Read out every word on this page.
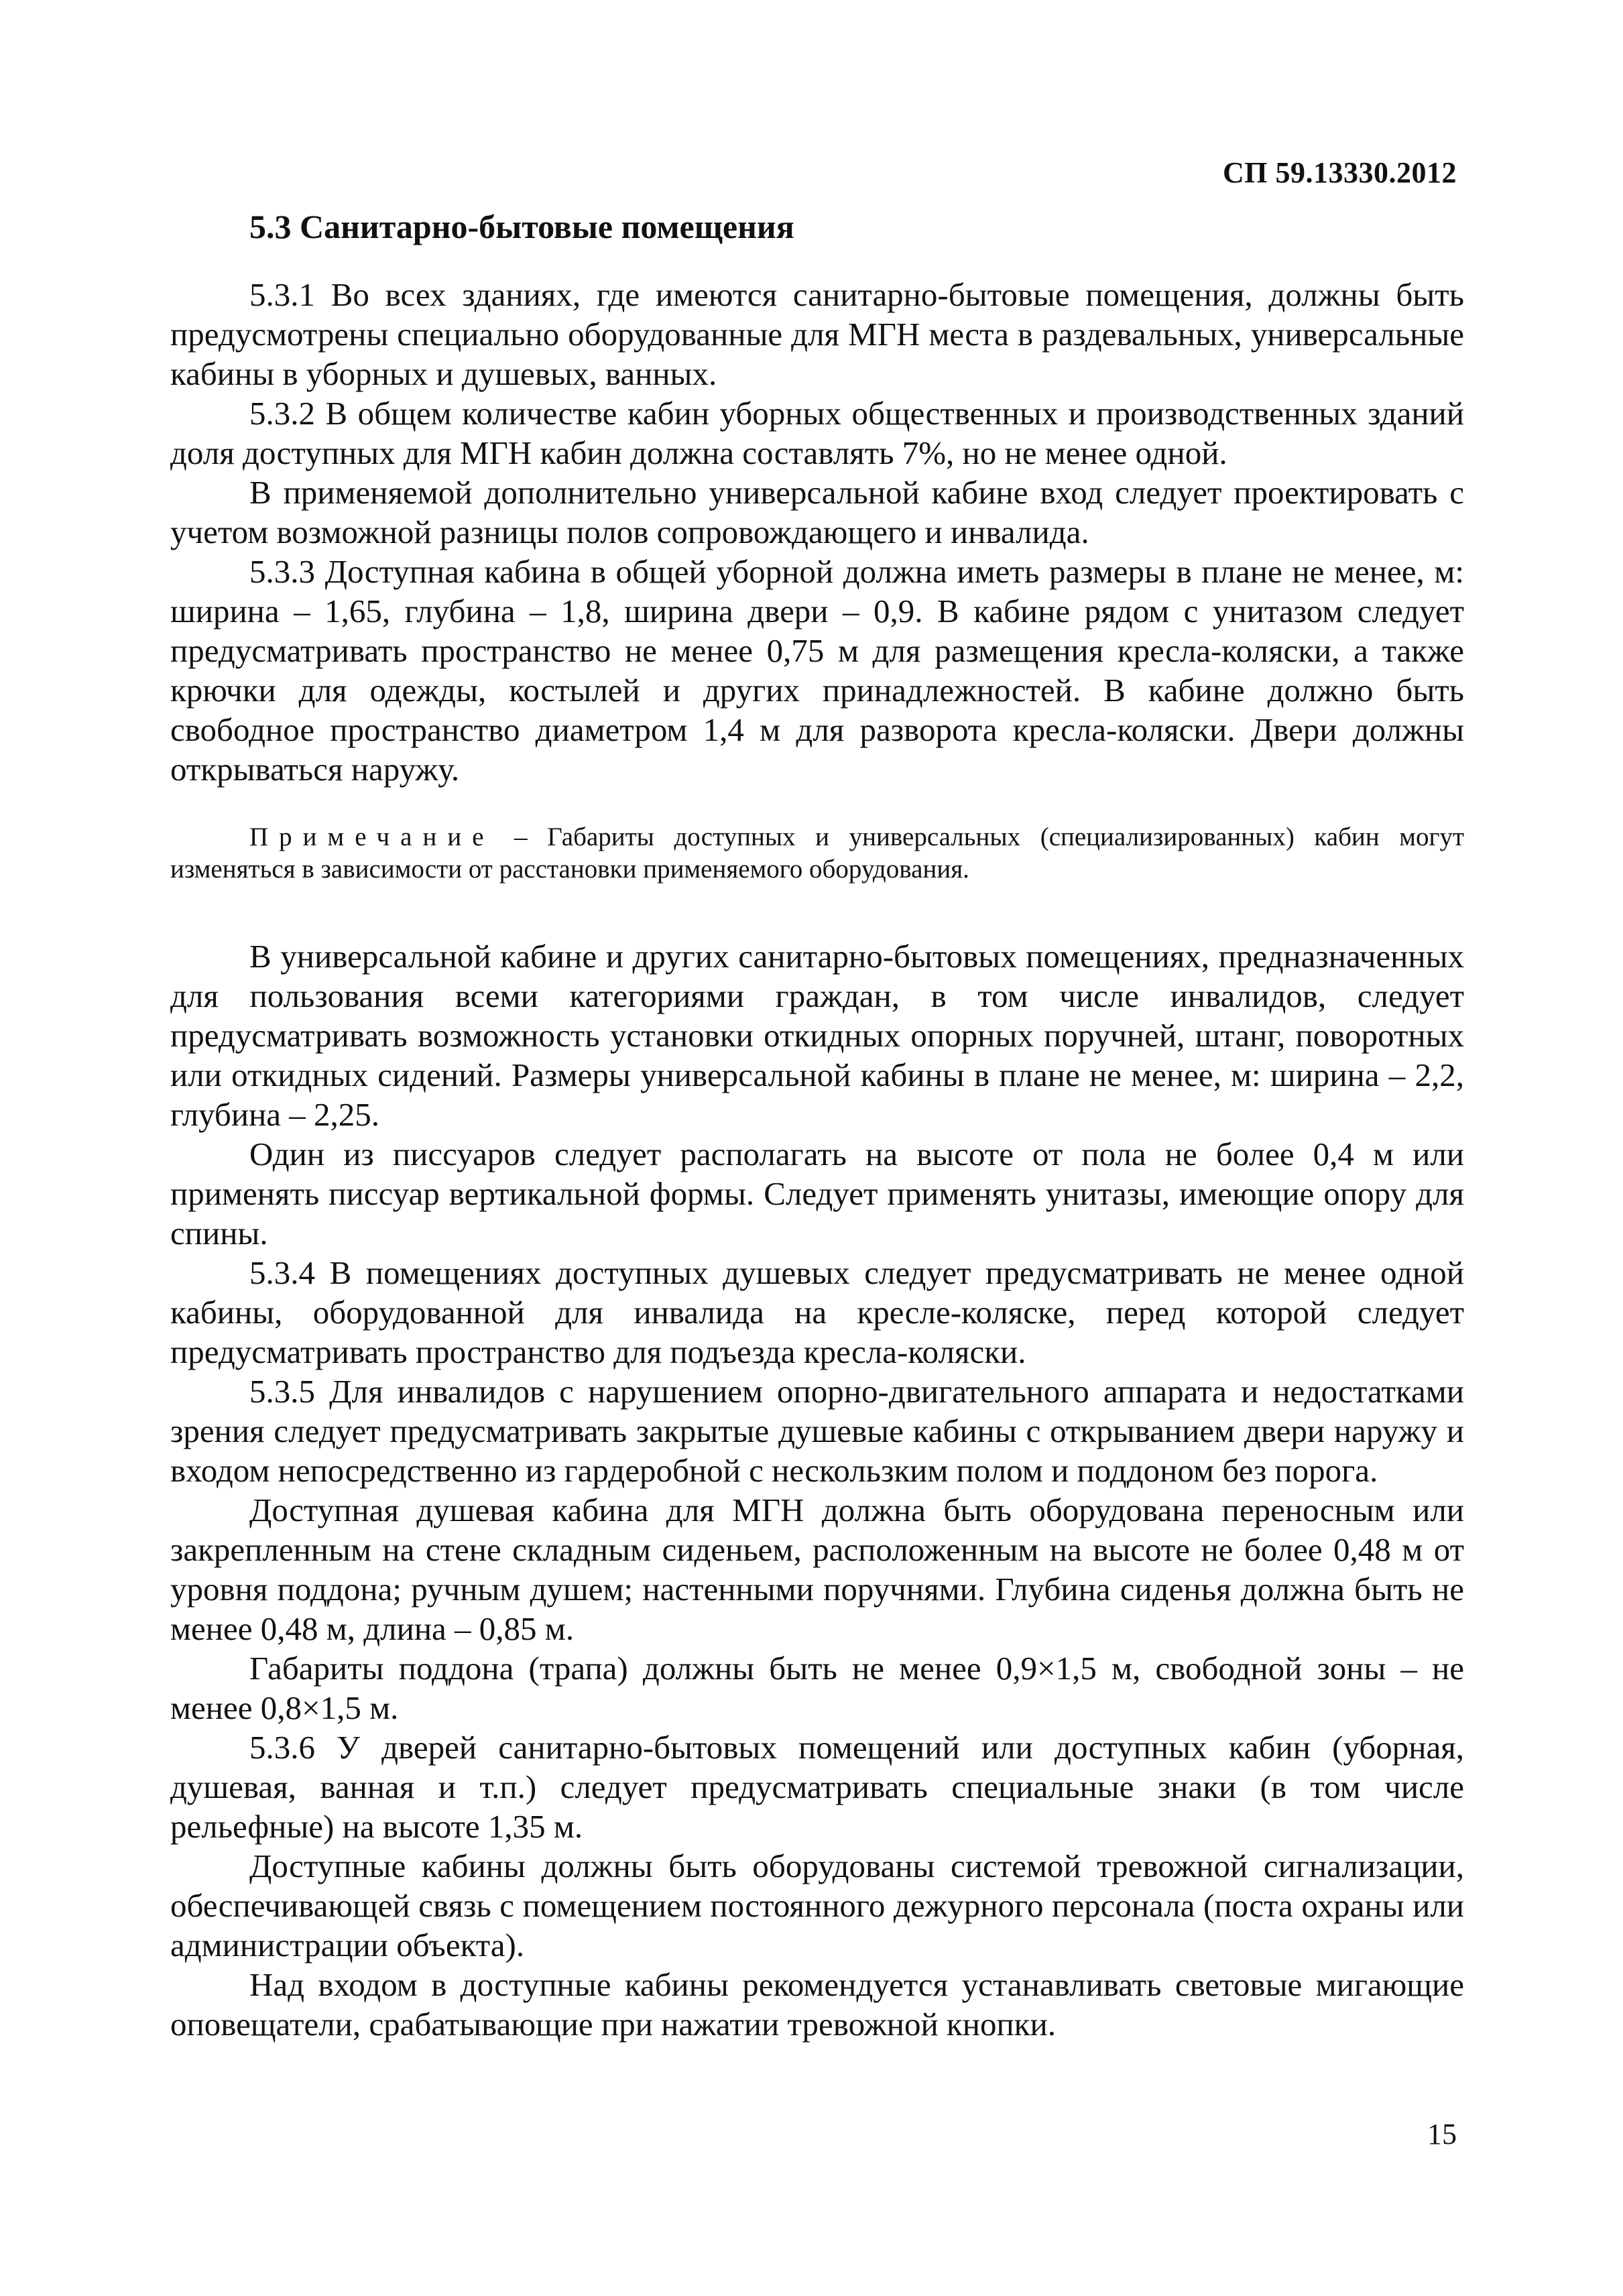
СП 59.13330.2012
5.3 Санитарно-бытовые помещения

5.3.1 Во всех зданиях, где имеются санитарно-бытовые помещения, должны быть предусмотрены специально оборудованные для МГН места в раздевальных, универсальные кабины в уборных и душевых, ванных.

5.3.2 В общем количестве кабин уборных общественных и производственных зданий доля доступных для МГН кабин должна составлять 7%, но не менее одной.

В применяемой дополнительно универсальной кабине вход следует проектировать с учетом возможной разницы полов сопровождающего и инвалида.

5.3.3 Доступная кабина в общей уборной должна иметь размеры в плане не менее, м: ширина – 1,65, глубина – 1,8, ширина двери – 0,9. В кабине рядом с унитазом следует предусматривать пространство не менее 0,75 м для размещения кресла-коляски, а также крючки для одежды, костылей и других принадлежностей. В кабине должно быть свободное пространство диаметром 1,4 м для разворота кресла-коляски. Двери должны открываться наружу.

Примечание – Габариты доступных и универсальных (специализированных) кабин могут изменяться в зависимости от расстановки применяемого оборудования.

В универсальной кабине и других санитарно-бытовых помещениях, предназначенных для пользования всеми категориями граждан, в том числе инвалидов, следует предусматривать возможность установки откидных опорных поручней, штанг, поворотных или откидных сидений. Размеры универсальной кабины в плане не менее, м: ширина – 2,2, глубина – 2,25.

Один из писсуаров следует располагать на высоте от пола не более 0,4 м или применять писсуар вертикальной формы. Следует применять унитазы, имеющие опору для спины.

5.3.4 В помещениях доступных душевых следует предусматривать не менее одной кабины, оборудованной для инвалида на кресле-коляске, перед которой следует предусматривать пространство для подъезда кресла-коляски.

5.3.5 Для инвалидов с нарушением опорно-двигательного аппарата и недостатками зрения следует предусматривать закрытые душевые кабины с открыванием двери наружу и входом непосредственно из гардеробной с нескользким полом и поддоном без порога.

Доступная душевая кабина для МГН должна быть оборудована переносным или закрепленным на стене складным сиденьем, расположенным на высоте не более 0,48 м от уровня поддона; ручным душем; настенными поручнями. Глубина сиденья должна быть не менее 0,48 м, длина – 0,85 м.

Габариты поддона (трапа) должны быть не менее 0,9×1,5 м, свободной зоны – не менее 0,8×1,5 м.

5.3.6 У дверей санитарно-бытовых помещений или доступных кабин (уборная, душевая, ванная и т.п.) следует предусматривать специальные знаки (в том числе рельефные) на высоте 1,35 м.

Доступные кабины должны быть оборудованы системой тревожной сигнализации, обеспечивающей связь с помещением постоянного дежурного персонала (поста охраны или администрации объекта).

Над входом в доступные кабины рекомендуется устанавливать световые мигающие оповещатели, срабатывающие при нажатии тревожной кнопки.

15
